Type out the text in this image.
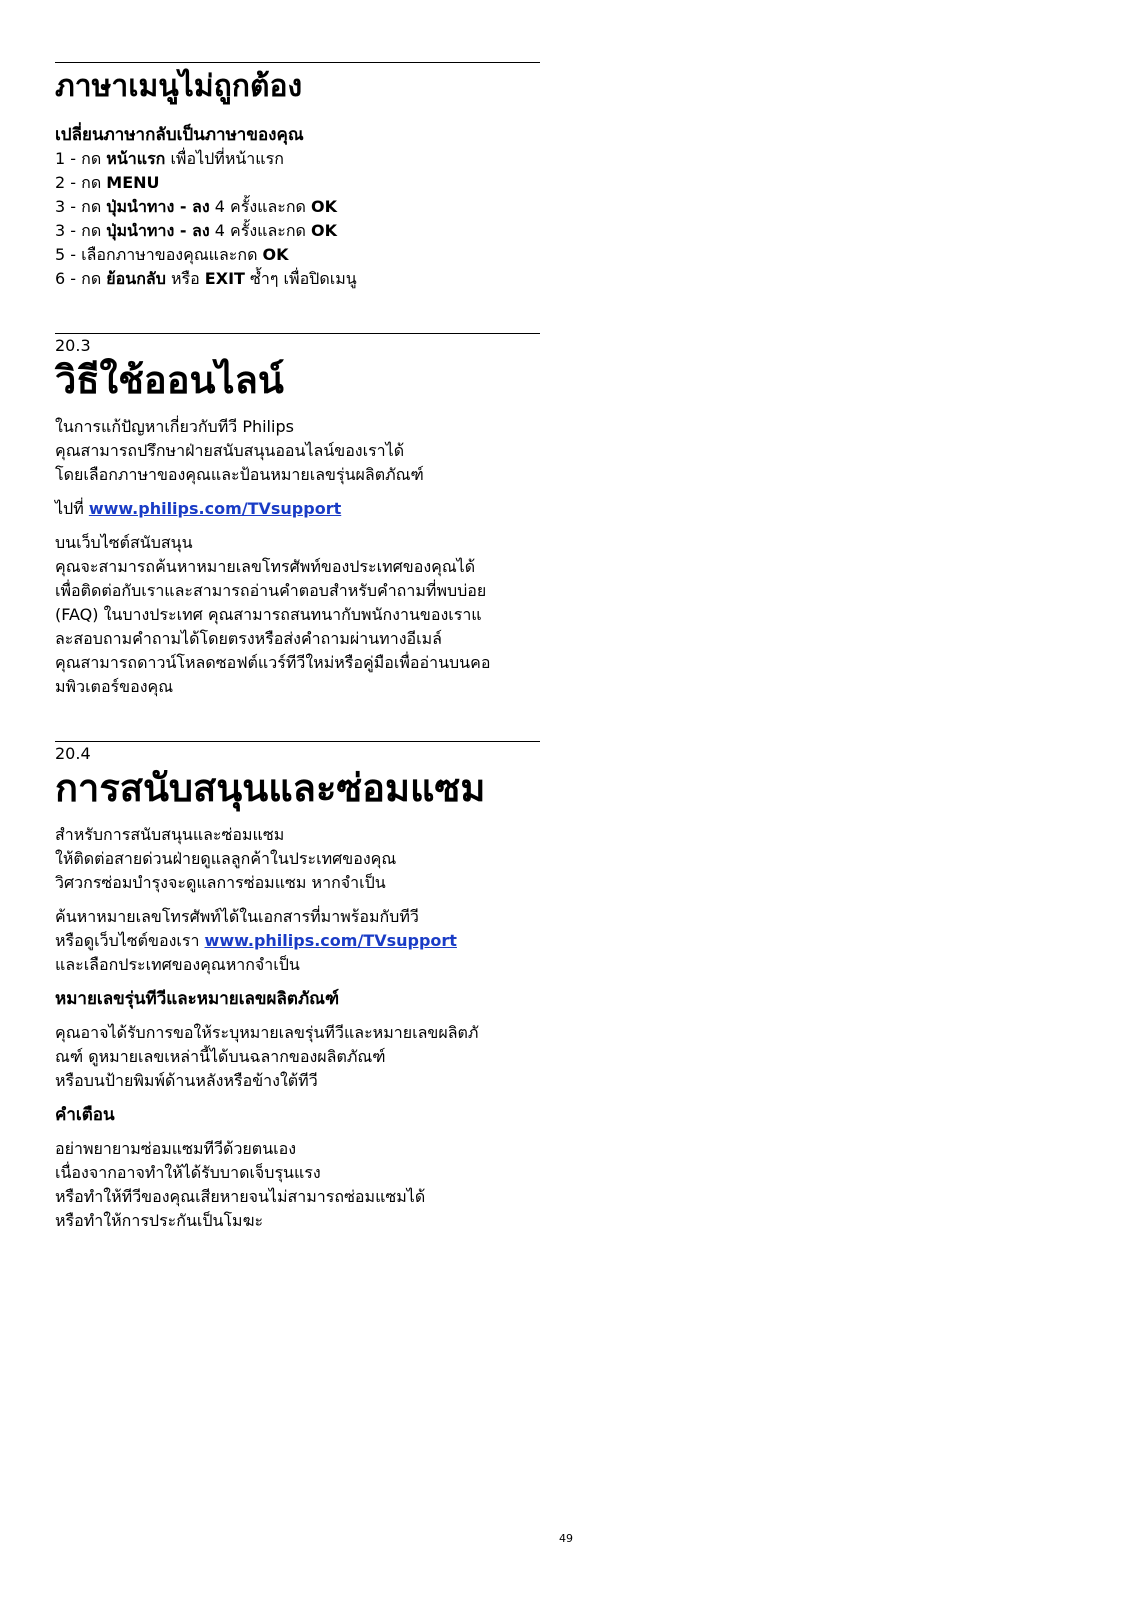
ภาษาเมนูไม่ถูกต้อง
เปลี่ยนภาษากลับเป็นภาษาของคุณ
1 - กด หน้าแรก เพื่อไปที่หน้าแรก
2 - กด MENU
3 - กด ปุ่มนำทาง - ลง 4 ครั้งและกด OK
3 - กด ปุ่มนำทาง - ลง 4 ครั้งและกด OK
5 - เลือกภาษาของคุณและกด OK
6 - กด ย้อนกลับ หรือ EXIT ซ้ำๆ เพื่อปิดเมนู
20.3
วิธีใช้ออนไลน์

ในการแก้ปัญหาเกี่ยวกับทีวี Philips
คุณสามารถปรึกษาฝ่ายสนับสนุนออนไลน์ของเราได้
โดยเลือกภาษาของคุณและป้อนหมายเลขรุ่นผลิตภัณฑ์

ไปที่ www.philips.com/TVsupport

บนเว็บไซต์สนับสนุน
คุณจะสามารถค้นหาหมายเลขโทรศัพท์ของประเทศของคุณได้
เพื่อติดต่อกับเราและสามารถอ่านคำตอบสำหรับคำถามที่พบบ่อย
(FAQ) ในบางประเทศ คุณสามารถสนทนากับพนักงานของเราแ
ละสอบถามคำถามได้โดยตรงหรือส่งคำถามผ่านทางอีเมล์
คุณสามารถดาวน์โหลดซอฟต์แวร์ทีวีใหม่หรือคู่มือเพื่ออ่านบนคอ
มพิวเตอร์ของคุณ

20.4
การสนับสนุนและซ่อมแซม

สำหรับการสนับสนุนและซ่อมแซม
ให้ติดต่อสายด่วนฝ่ายดูแลลูกค้าในประเทศของคุณ
วิศวกรซ่อมบำรุงจะดูแลการซ่อมแซม หากจำเป็น

ค้นหาหมายเลขโทรศัพท์ได้ในเอกสารที่มาพร้อมกับทีวี
หรือดูเว็บไซต์ของเรา www.philips.com/TVsupport
และเลือกประเทศของคุณหากจำเป็น

หมายเลขรุ่นทีวีและหมายเลขผลิตภัณฑ์

คุณอาจได้รับการขอให้ระบุหมายเลขรุ่นทีวีและหมายเลขผลิตภั
ณฑ์ ดูหมายเลขเหล่านี้ได้บนฉลากของผลิตภัณฑ์
หรือบนป้ายพิมพ์ด้านหลังหรือข้างใต้ทีวี

คำเตือน

อย่าพยายามซ่อมแซมทีวีด้วยตนเอง
เนื่องจากอาจทำให้ได้รับบาดเจ็บรุนแรง
หรือทำให้ทีวีของคุณเสียหายจนไม่สามารถซ่อมแซมได้
หรือทำให้การประกันเป็นโมฆะ

49
